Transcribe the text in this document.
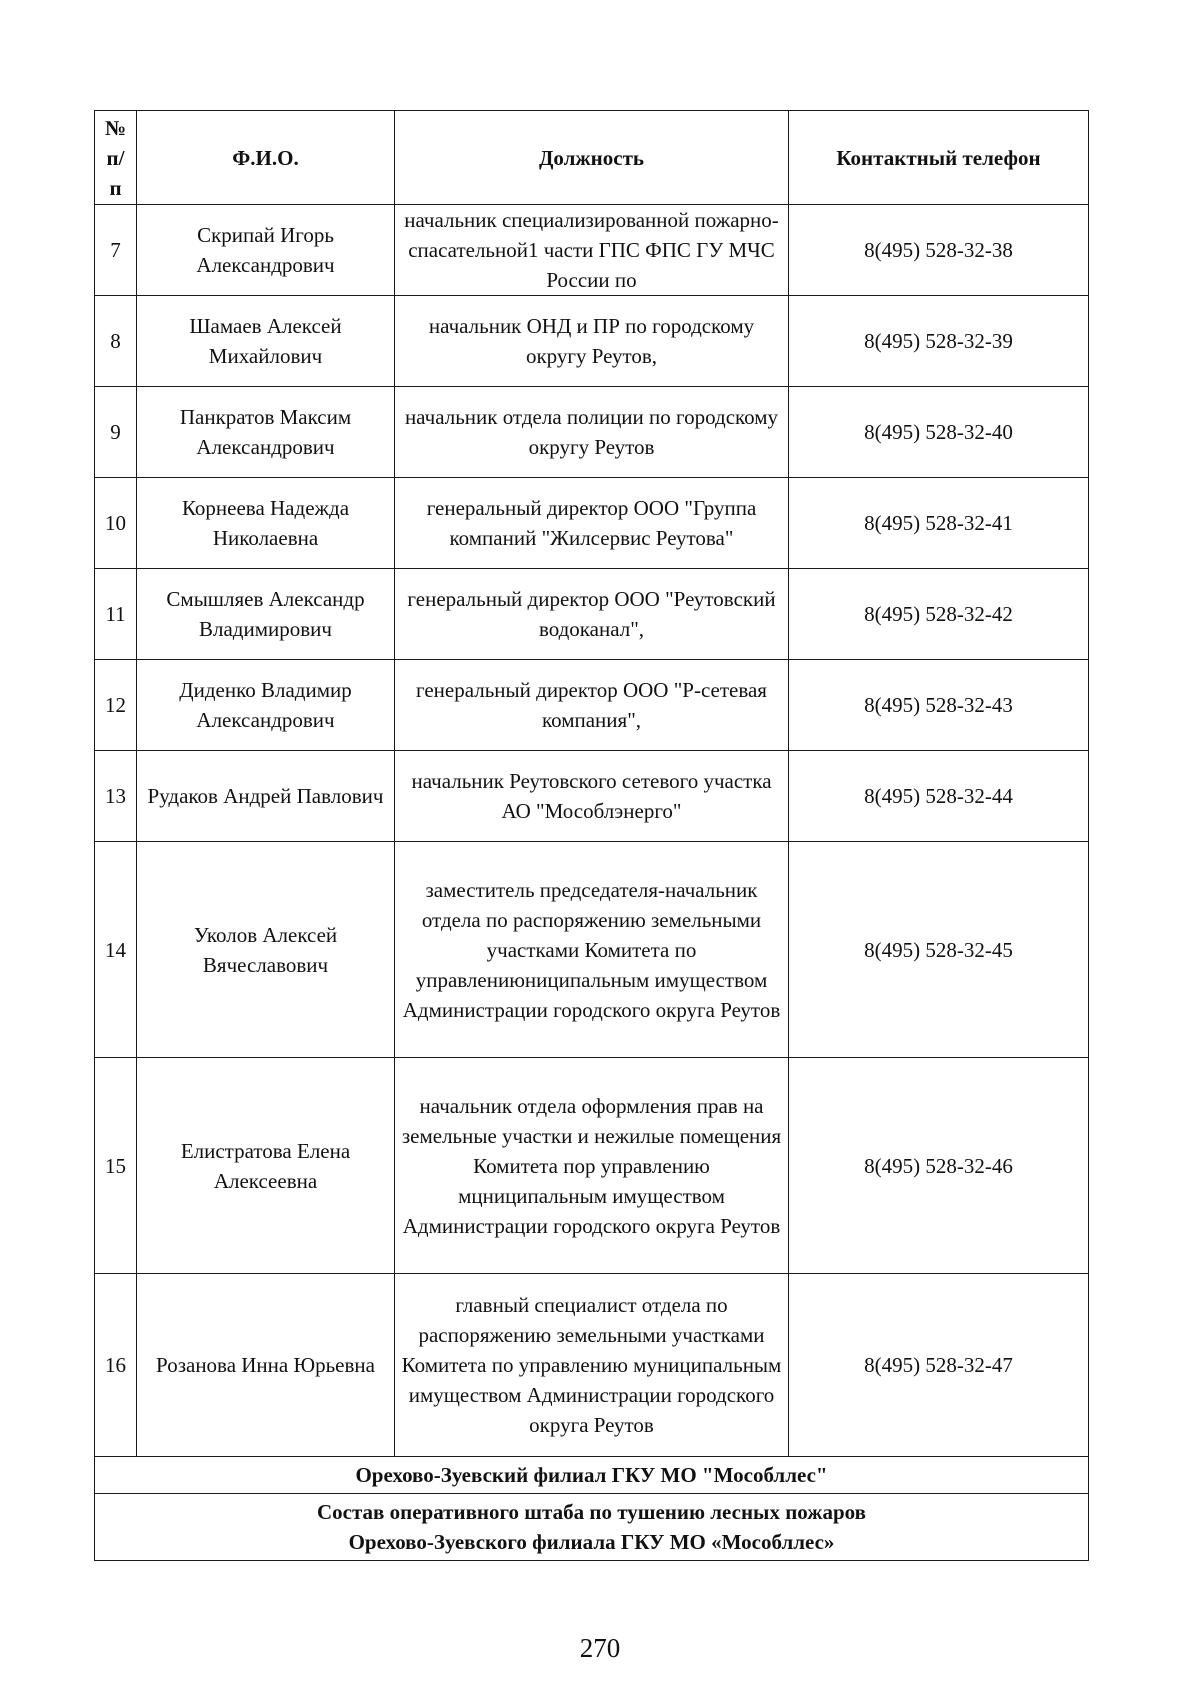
№ п/ п	Ф.И.О.	Должность	Контактный телефон
7	Скрипай Игорь Александрович	начальник специализированной пожарно-спасательной1 части ГПС ФПС ГУ МЧС России по	8(495) 528-32-38
8	Шамаев Алексей Михайлович	начальник ОНД и ПР по городскому округу Реутов,	8(495) 528-32-39
9	Панкратов Максим Александрович	начальник отдела полиции по городскому округу Реутов	8(495) 528-32-40
10	Корнеева Надежда Николаевна	генеральный директор ООО "Группа компаний "Жилсервис Реутова"	8(495) 528-32-41
11	Смышляев Александр Владимирович	генеральный директор ООО "Реутовский водоканал",	8(495) 528-32-42
12	Диденко Владимир Александрович	генеральный директор ООО "Р-сетевая компания",	8(495) 528-32-43
13	Рудаков Андрей Павлович	начальник Реутовского сетевого участка АО "Мособлэнерго"	8(495) 528-32-44
14	Уколов Алексей Вячеславович	заместитель председателя-начальник отдела по распоряжению земельными участками Комитета по управлениюниципальным имуществом Администрации городского округа Реутов	8(495) 528-32-45
15	Елистратова Елена Алексеевна	начальник отдела оформления прав на земельные участки и нежилые помещения Комитета пор управлению мцниципальным имуществом Администрации городского округа Реутов	8(495) 528-32-46
16	Розанова Инна Юрьевна	главный специалист отдела по распоряжению земельными участками Комитета по управлению муниципальным имуществом Администрации городского округа Реутов	8(495) 528-32-47
Орехово-Зуевский филиал ГКУ МО "Мособллес"			

Состав оперативного штаба по тушению лесных пожаров
Орехово-Зуевского филиала ГКУ МО «Мособллес»			
270
